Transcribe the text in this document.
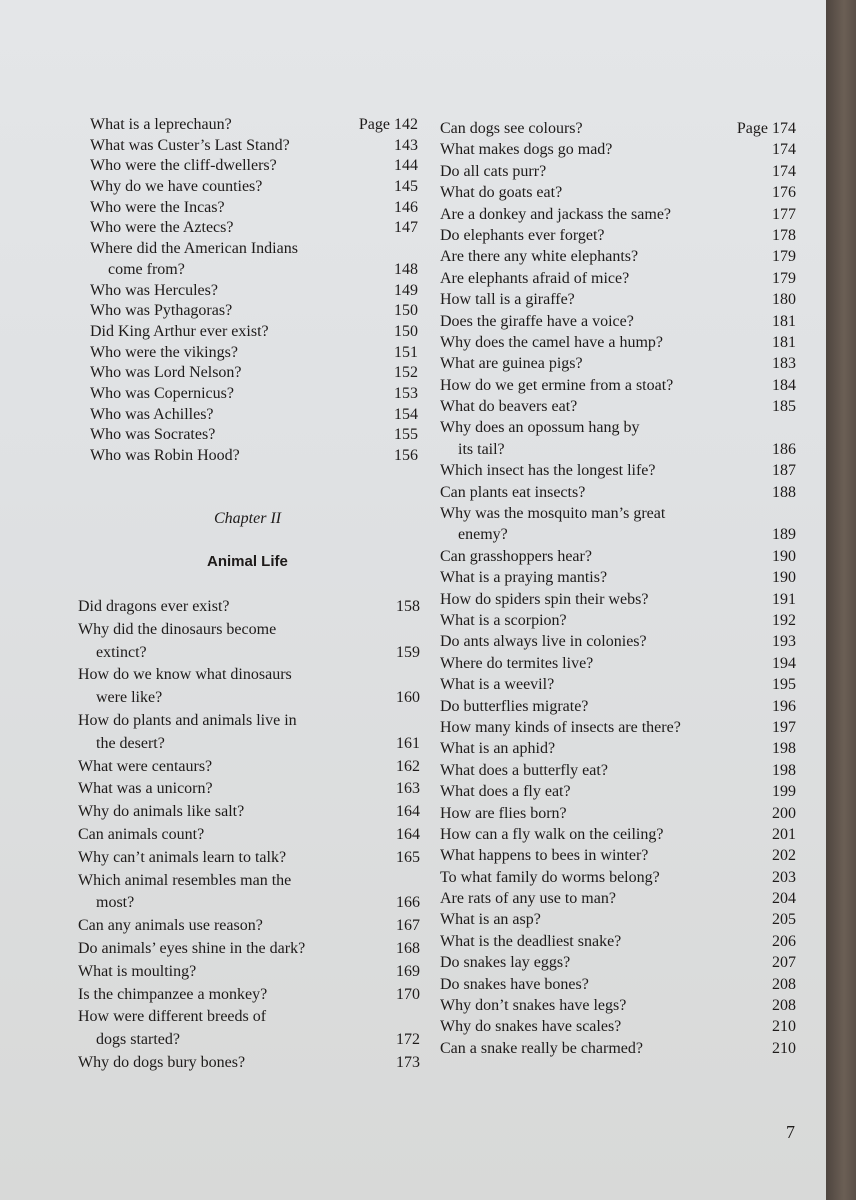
What is a leprechaun?	Page 142
What was Custer’s Last Stand?	143
Who were the cliff-dwellers?	144
Why do we have counties?	145
Who were the Incas?	146
Who were the Aztecs?	147
Where did the American Indians
come from?	148
Who was Hercules?	149
Who was Pythagoras?	150
Did King Arthur ever exist?	150
Who were the vikings?	151
Who was Lord Nelson?	152
Who was Copernicus?	153
Who was Achilles?	154
Who was Socrates?	155
Who was Robin Hood?	156
Chapter II
Animal Life
Did dragons ever exist?	158
Why did the dinosaurs become
extinct?	159
How do we know what dinosaurs
were like?	160
How do plants and animals live in
the desert?	161
What were centaurs?	162
What was a unicorn?	163
Why do animals like salt?	164
Can animals count?	164
Why can’t animals learn to talk?	165
Which animal resembles man the
most?	166
Can any animals use reason?	167
Do animals’ eyes shine in the dark?	168
What is moulting?	169
Is the chimpanzee a monkey?	170
How were different breeds of
dogs started?	172
Why do dogs bury bones?	173
Can dogs see colours?	Page 174
What makes dogs go mad?	174
Do all cats purr?	174
What do goats eat?	176
Are a donkey and jackass the same?	177
Do elephants ever forget?	178
Are there any white elephants?	179
Are elephants afraid of mice?	179
How tall is a giraffe?	180
Does the giraffe have a voice?	181
Why does the camel have a hump?	181
What are guinea pigs?	183
How do we get ermine from a stoat?	184
What do beavers eat?	185
Why does an opossum hang by
its tail?	186
Which insect has the longest life?	187
Can plants eat insects?	188
Why was the mosquito man’s great
enemy?	189
Can grasshoppers hear?	190
What is a praying mantis?	190
How do spiders spin their webs?	191
What is a scorpion?	192
Do ants always live in colonies?	193
Where do termites live?	194
What is a weevil?	195
Do butterflies migrate?	196
How many kinds of insects are there?	197
What is an aphid?	198
What does a butterfly eat?	198
What does a fly eat?	199
How are flies born?	200
How can a fly walk on the ceiling?	201
What happens to bees in winter?	202
To what family do worms belong?	203
Are rats of any use to man?	204
What is an asp?	205
What is the deadliest snake?	206
Do snakes lay eggs?	207
Do snakes have bones?	208
Why don’t snakes have legs?	208
Why do snakes have scales?	210
Can a snake really be charmed?	210
7
